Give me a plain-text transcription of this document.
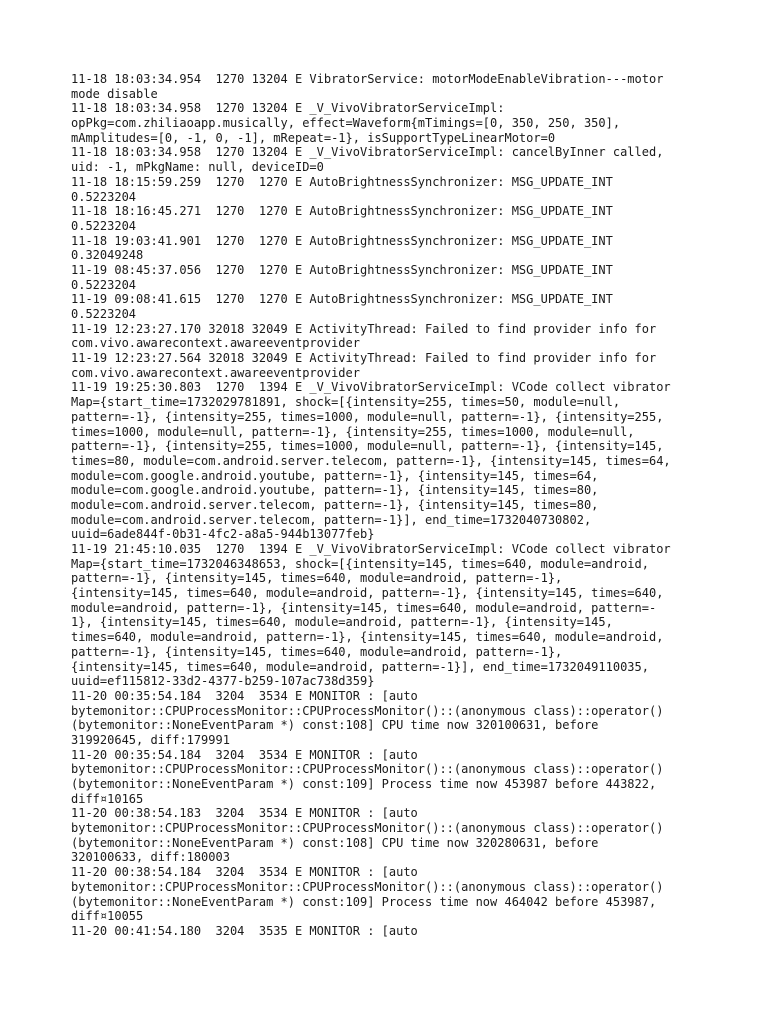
11-18 18:03:34.954  1270 13204 E VibratorService: motorModeEnableVibration---motor
mode disable
11-18 18:03:34.958  1270 13204 E _V_VivoVibratorServiceImpl:
opPkg=com.zhiliaoapp.musically, effect=Waveform{mTimings=[0, 350, 250, 350],
mAmplitudes=[0, -1, 0, -1], mRepeat=-1}, isSupportTypeLinearMotor=0
11-18 18:03:34.958  1270 13204 E _V_VivoVibratorServiceImpl: cancelByInner called,
uid: -1, mPkgName: null, deviceID=0
11-18 18:15:59.259  1270  1270 E AutoBrightnessSynchronizer: MSG_UPDATE_INT
0.5223204
11-18 18:16:45.271  1270  1270 E AutoBrightnessSynchronizer: MSG_UPDATE_INT
0.5223204
11-18 19:03:41.901  1270  1270 E AutoBrightnessSynchronizer: MSG_UPDATE_INT
0.32049248
11-19 08:45:37.056  1270  1270 E AutoBrightnessSynchronizer: MSG_UPDATE_INT
0.5223204
11-19 09:08:41.615  1270  1270 E AutoBrightnessSynchronizer: MSG_UPDATE_INT
0.5223204
11-19 12:23:27.170 32018 32049 E ActivityThread: Failed to find provider info for
com.vivo.awarecontext.awareeventprovider
11-19 12:23:27.564 32018 32049 E ActivityThread: Failed to find provider info for
com.vivo.awarecontext.awareeventprovider
11-19 19:25:30.803  1270  1394 E _V_VivoVibratorServiceImpl: VCode collect vibrator
Map={start_time=1732029781891, shock=[{intensity=255, times=50, module=null,
pattern=-1}, {intensity=255, times=1000, module=null, pattern=-1}, {intensity=255,
times=1000, module=null, pattern=-1}, {intensity=255, times=1000, module=null,
pattern=-1}, {intensity=255, times=1000, module=null, pattern=-1}, {intensity=145,
times=80, module=com.android.server.telecom, pattern=-1}, {intensity=145, times=64,
module=com.google.android.youtube, pattern=-1}, {intensity=145, times=64,
module=com.google.android.youtube, pattern=-1}, {intensity=145, times=80,
module=com.android.server.telecom, pattern=-1}, {intensity=145, times=80,
module=com.android.server.telecom, pattern=-1}], end_time=1732040730802,
uuid=6ade844f-0b31-4fc2-a8a5-944b13077feb}
11-19 21:45:10.035  1270  1394 E _V_VivoVibratorServiceImpl: VCode collect vibrator
Map={start_time=1732046348653, shock=[{intensity=145, times=640, module=android,
pattern=-1}, {intensity=145, times=640, module=android, pattern=-1},
{intensity=145, times=640, module=android, pattern=-1}, {intensity=145, times=640,
module=android, pattern=-1}, {intensity=145, times=640, module=android, pattern=-
1}, {intensity=145, times=640, module=android, pattern=-1}, {intensity=145,
times=640, module=android, pattern=-1}, {intensity=145, times=640, module=android,
pattern=-1}, {intensity=145, times=640, module=android, pattern=-1},
{intensity=145, times=640, module=android, pattern=-1}], end_time=1732049110035,
uuid=ef115812-33d2-4377-b259-107ac738d359}
11-20 00:35:54.184  3204  3534 E MONITOR : [auto
bytemonitor::CPUProcessMonitor::CPUProcessMonitor()::(anonymous class)::operator()
(bytemonitor::NoneEventParam *) const:108] CPU time now 320100631, before
319920645, diff:179991
11-20 00:35:54.184  3204  3534 E MONITOR : [auto
bytemonitor::CPUProcessMonitor::CPUProcessMonitor()::(anonymous class)::operator()
(bytemonitor::NoneEventParam *) const:109] Process time now 453987 before 443822,
diff¤10165
11-20 00:38:54.183  3204  3534 E MONITOR : [auto
bytemonitor::CPUProcessMonitor::CPUProcessMonitor()::(anonymous class)::operator()
(bytemonitor::NoneEventParam *) const:108] CPU time now 320280631, before
320100633, diff:180003
11-20 00:38:54.184  3204  3534 E MONITOR : [auto
bytemonitor::CPUProcessMonitor::CPUProcessMonitor()::(anonymous class)::operator()
(bytemonitor::NoneEventParam *) const:109] Process time now 464042 before 453987,
diff¤10055
11-20 00:41:54.180  3204  3535 E MONITOR : [auto
